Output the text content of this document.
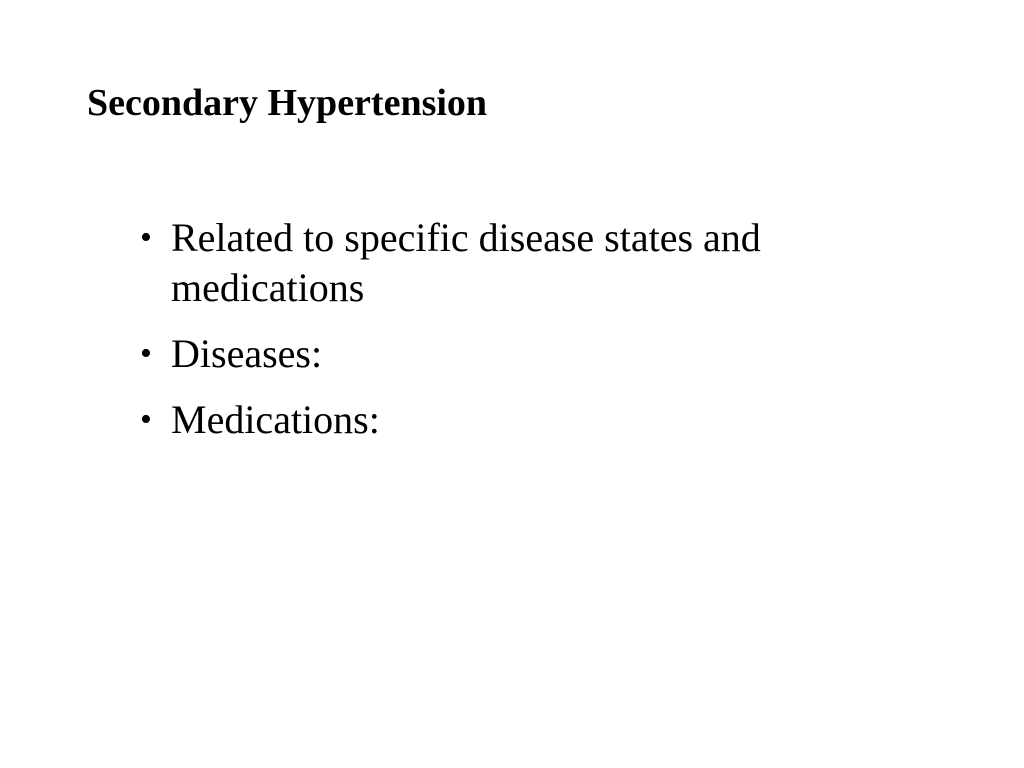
Secondary Hypertension
• Related to specific disease states and medications
• Diseases:
• Medications:
